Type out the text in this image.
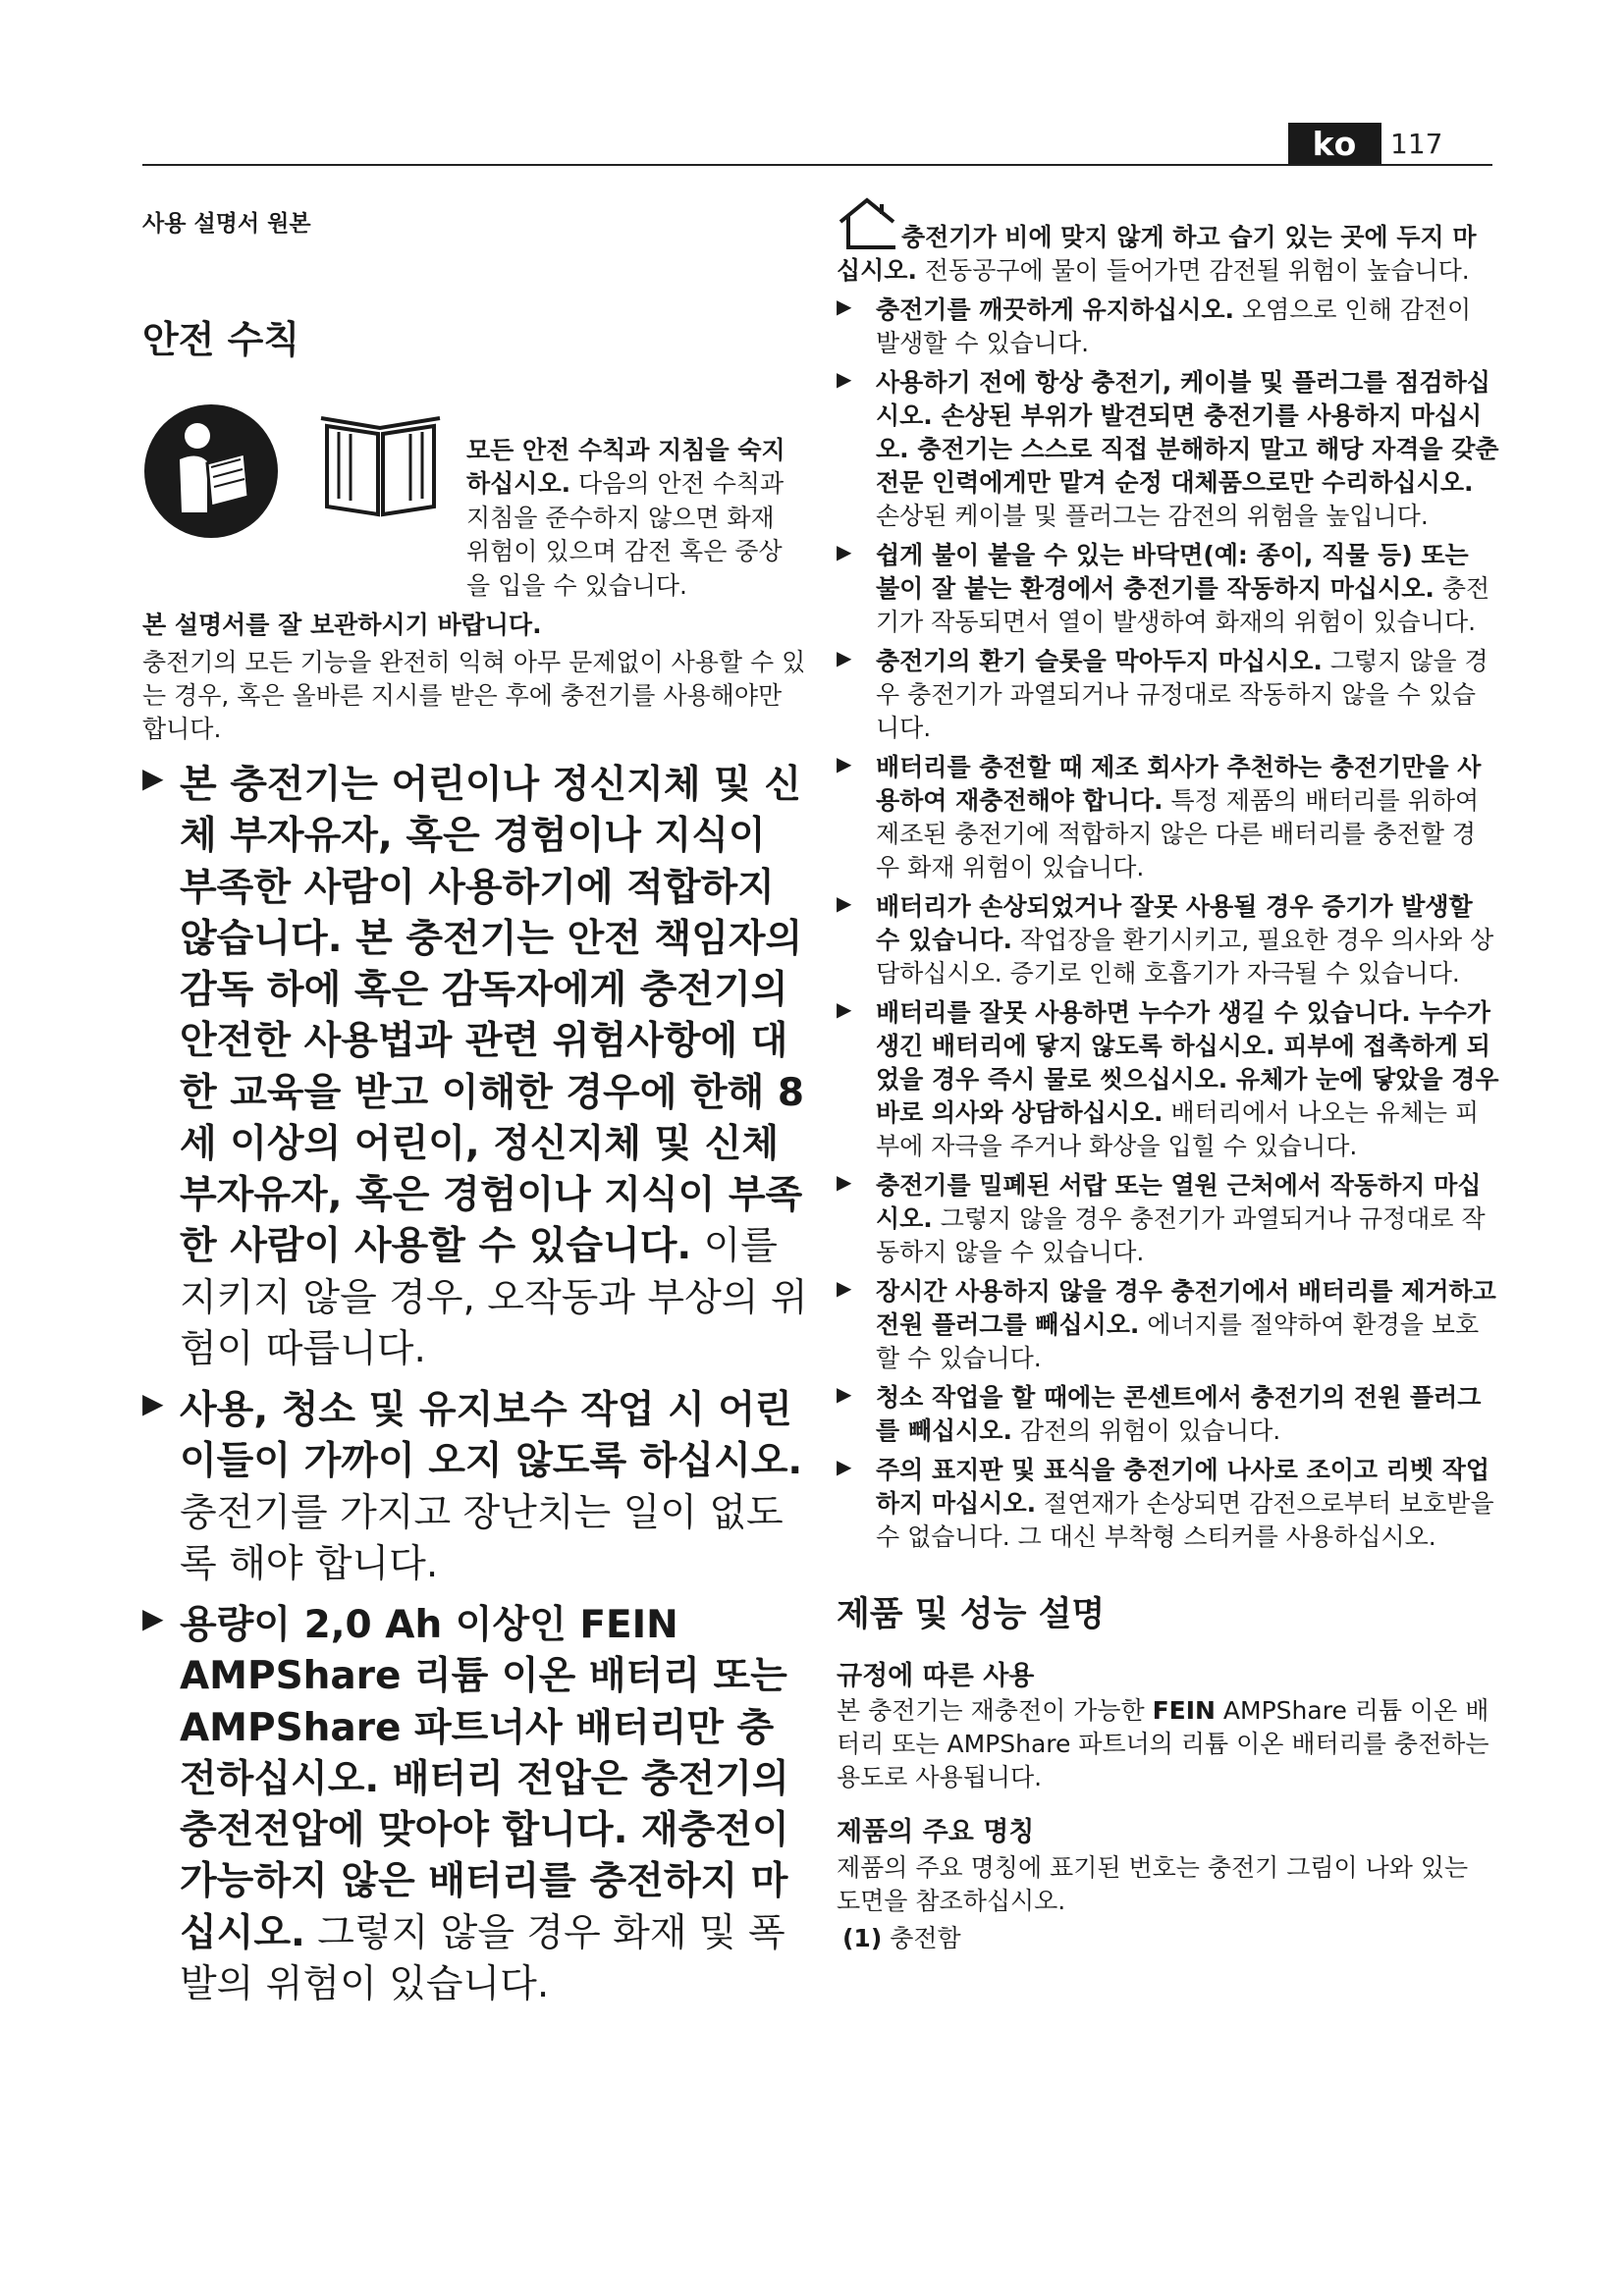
ko	117

사용 설명서 원본

안전 수칙

모든 안전 수칙과 지침을 숙지하십시오. 다음의 안전 수칙과 지침을 준수하지 않으면 화재 위험이 있으며 감전 혹은 중상을 입을 수 있습니다.

본 설명서를 잘 보관하시기 바랍니다.

충전기의 모든 기능을 완전히 익혀 아무 문제없이 사용할 수 있는 경우, 혹은 올바른 지시를 받은 후에 충전기를 사용해야만 합니다.

▶ 본 충전기는 어린이나 정신지체 및 신체 부자유자, 혹은 경험이나 지식이 부족한 사람이 사용하기에 적합하지 않습니다. 본 충전기는 안전 책임자의 감독 하에 혹은 감독자에게 충전기의 안전한 사용법과 관련 위험사항에 대한 교육을 받고 이해한 경우에 한해 8세 이상의 어린이, 정신지체 및 신체 부자유자, 혹은 경험이나 지식이 부족한 사람이 사용할 수 있습니다. 이를 지키지 않을 경우, 오작동과 부상의 위험이 따릅니다.
▶ 사용, 청소 및 유지보수 작업 시 어린이들이 가까이 오지 않도록 하십시오. 충전기를 가지고 장난치는 일이 없도록 해야 합니다.
▶ 용량이 2,0 Ah 이상인 FEIN AMPShare 리튬 이온 배터리 또는 AMPShare 파트너사 배터리만 충전하십시오. 배터리 전압은 충전기의 충전전압에 맞아야 합니다. 재충전이 가능하지 않은 배터리를 충전하지 마십시오. 그렇지 않을 경우 화재 및 폭발의 위험이 있습니다.

충전기가 비에 맞지 않게 하고 습기 있는 곳에 두지 마십시오. 전동공구에 물이 들어가면 감전될 위험이 높습니다.

▶ 충전기를 깨끗하게 유지하십시오. 오염으로 인해 감전이 발생할 수 있습니다.
▶ 사용하기 전에 항상 충전기, 케이블 및 플러그를 점검하십시오. 손상된 부위가 발견되면 충전기를 사용하지 마십시오. 충전기는 스스로 직접 분해하지 말고 해당 자격을 갖춘 전문 인력에게만 맡겨 순정 대체품으로만 수리하십시오. 손상된 케이블 및 플러그는 감전의 위험을 높입니다.
▶ 쉽게 불이 붙을 수 있는 바닥면(예: 종이, 직물 등) 또는 불이 잘 붙는 환경에서 충전기를 작동하지 마십시오. 충전기가 작동되면서 열이 발생하여 화재의 위험이 있습니다.
▶ 충전기의 환기 슬롯을 막아두지 마십시오. 그렇지 않을 경우 충전기가 과열되거나 규정대로 작동하지 않을 수 있습니다.
▶ 배터리를 충전할 때 제조 회사가 추천하는 충전기만을 사용하여 재충전해야 합니다. 특정 제품의 배터리를 위하여 제조된 충전기에 적합하지 않은 다른 배터리를 충전할 경우 화재 위험이 있습니다.
▶ 배터리가 손상되었거나 잘못 사용될 경우 증기가 발생할 수 있습니다. 작업장을 환기시키고, 필요한 경우 의사와 상담하십시오. 증기로 인해 호흡기가 자극될 수 있습니다.
▶ 배터리를 잘못 사용하면 누수가 생길 수 있습니다. 누수가 생긴 배터리에 닿지 않도록 하십시오. 피부에 접촉하게 되었을 경우 즉시 물로 씻으십시오. 유체가 눈에 닿았을 경우 바로 의사와 상담하십시오. 배터리에서 나오는 유체는 피부에 자극을 주거나 화상을 입힐 수 있습니다.
▶ 충전기를 밀폐된 서랍 또는 열원 근처에서 작동하지 마십시오. 그렇지 않을 경우 충전기가 과열되거나 규정대로 작동하지 않을 수 있습니다.
▶ 장시간 사용하지 않을 경우 충전기에서 배터리를 제거하고 전원 플러그를 빼십시오. 에너지를 절약하여 환경을 보호할 수 있습니다.
▶ 청소 작업을 할 때에는 콘센트에서 충전기의 전원 플러그를 빼십시오. 감전의 위험이 있습니다.
▶ 주의 표지판 및 표식을 충전기에 나사로 조이고 리벳 작업하지 마십시오. 절연재가 손상되면 감전으로부터 보호받을 수 없습니다. 그 대신 부착형 스티커를 사용하십시오.
제품 및 성능 설명
규정에 따른 사용

본 충전기는 재충전이 가능한 FEIN AMPShare 리튬 이온 배터리 또는 AMPShare 파트너의 리튬 이온 배터리를 충전하는 용도로 사용됩니다.

제품의 주요 명칭

제품의 주요 명칭에 표기된 번호는 충전기 그림이 나와 있는 도면을 참조하십시오.

(1) 충전함
